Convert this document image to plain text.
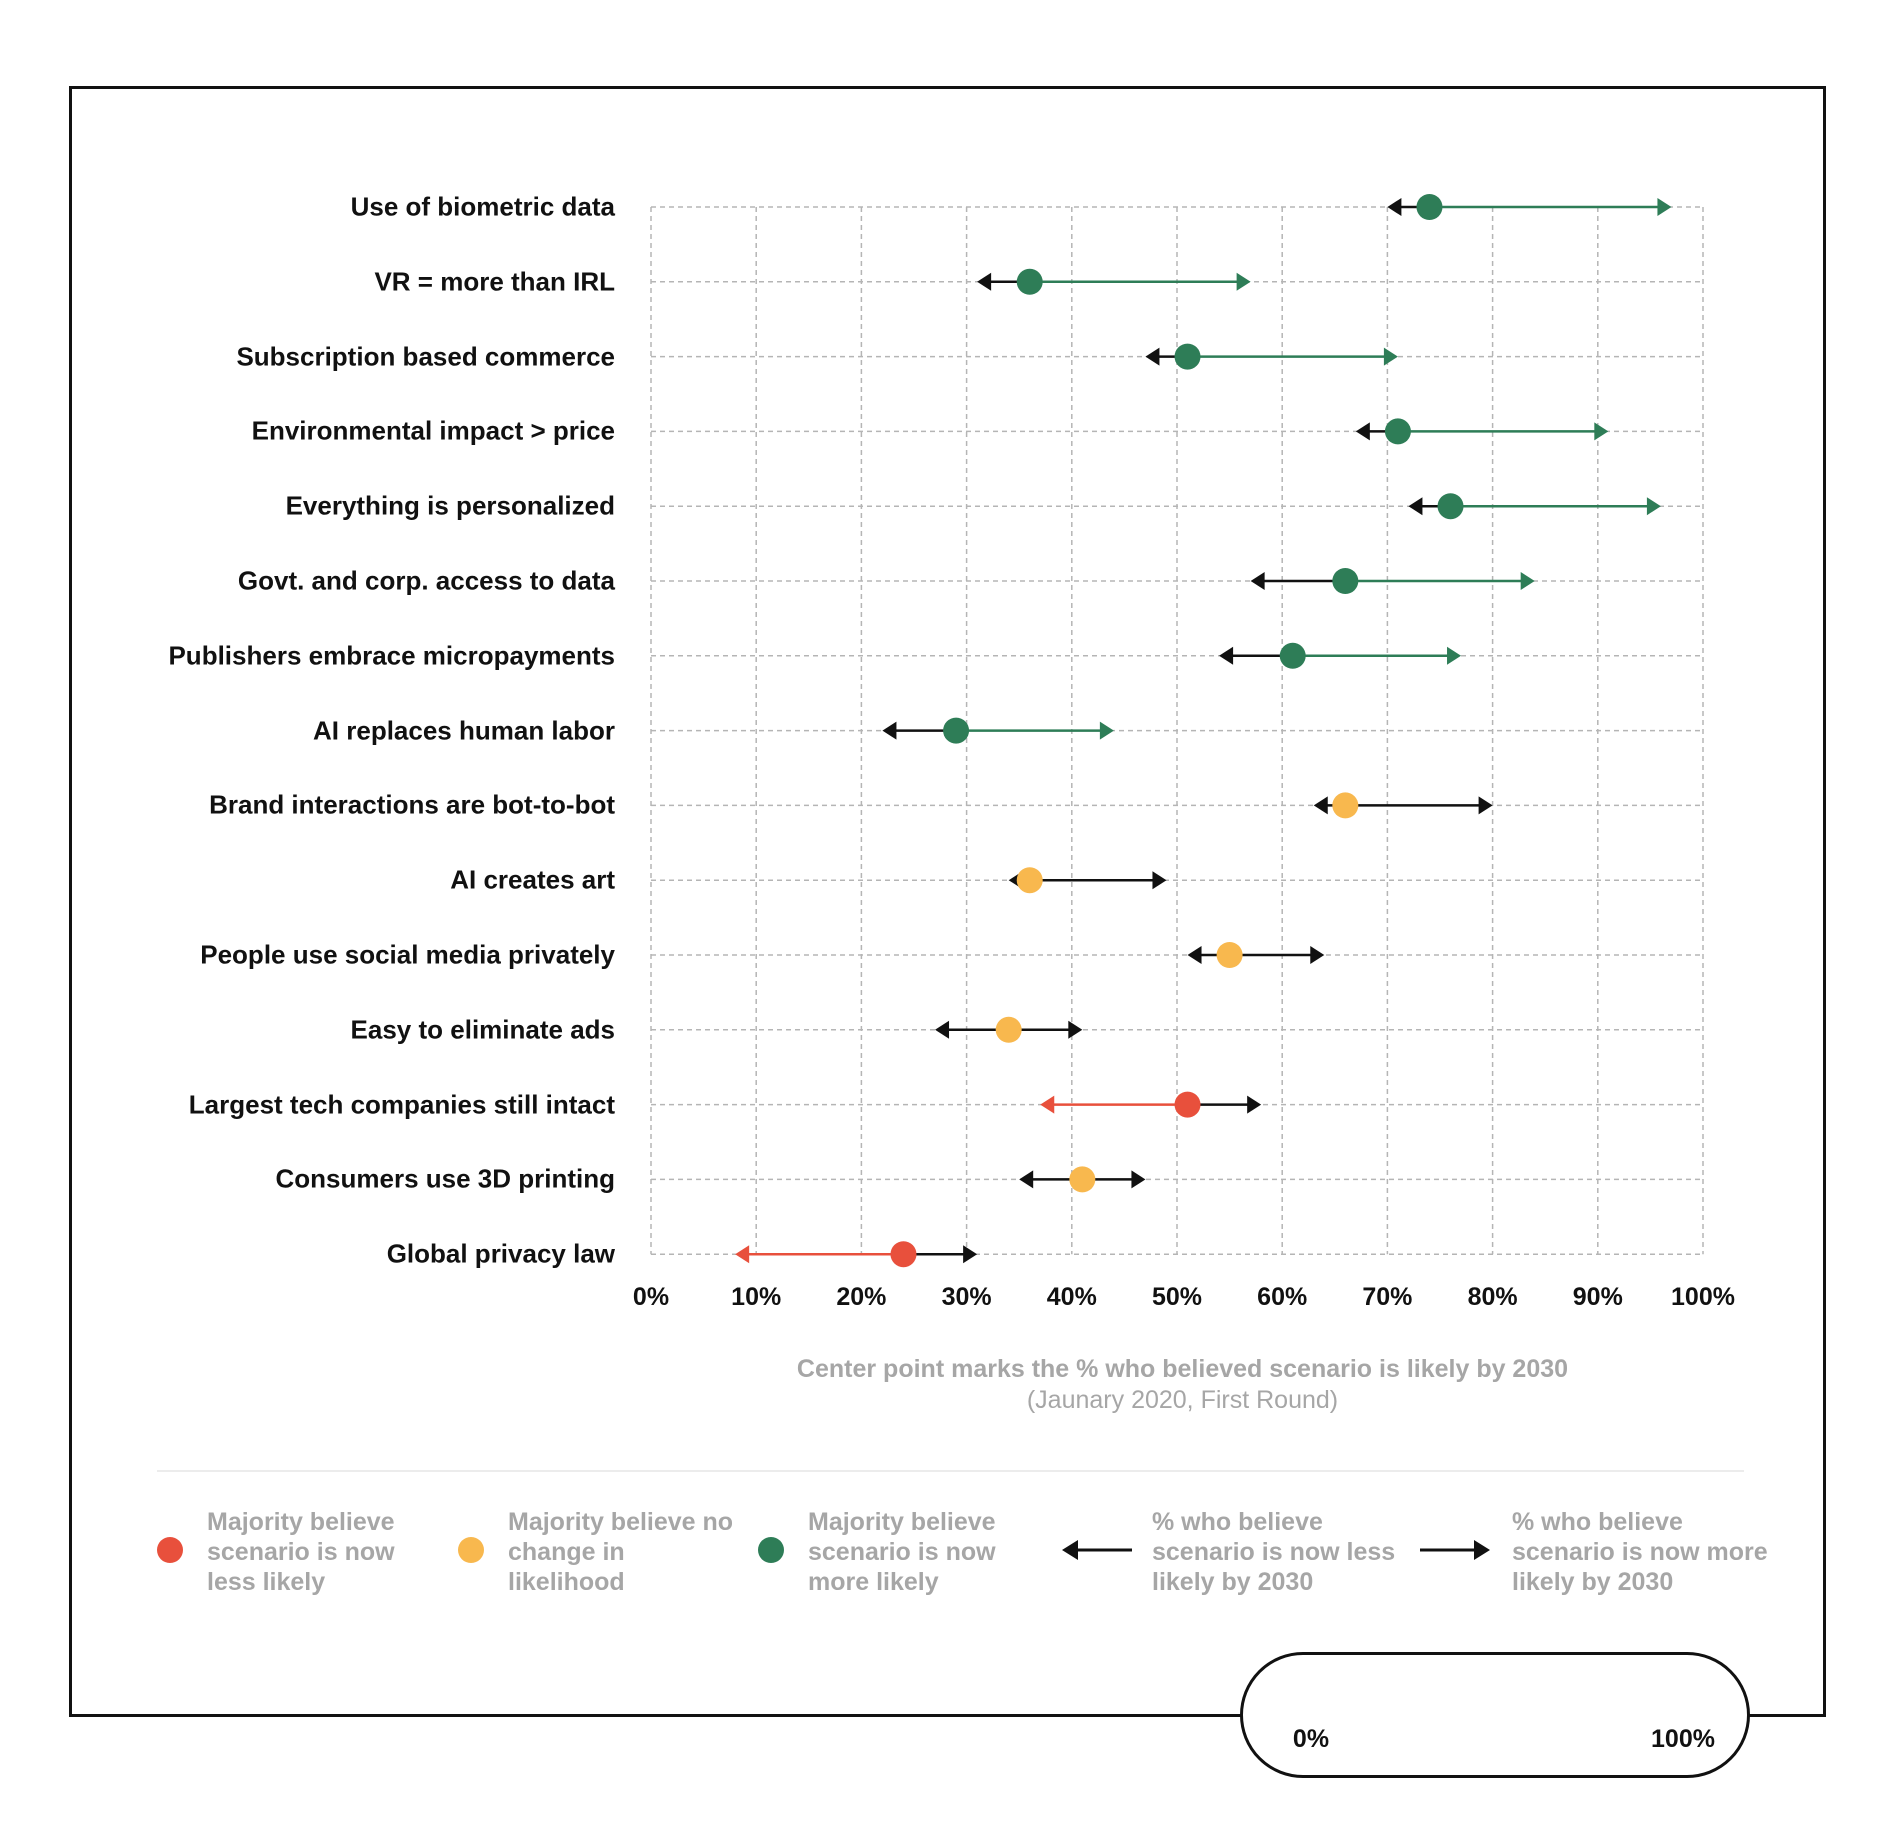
Use of biometric data
VR = more than IRL
Subscription based commerce
Environmental impact > price
Everything is personalized
Govt. and corp. access to data
Publishers embrace micropayments
AI replaces human labor
Brand interactions are bot-to-bot
AI creates art
People use social media privately
Easy to eliminate ads
Largest tech companies still intact
Consumers use 3D printing
Global privacy law
0% 10% 20% 30% 40% 50% 60% 70% 80% 90% 100%
Center point marks the % who believed scenario is likely by 2030
(Jaunary 2020, First Round)
Majority believe scenario is now less likely
Majority believe no change in likelihood
Majority believe scenario is now more likely
% who believe scenario is now less likely by 2030
% who believe scenario is now more likely by 2030
0%	100%
